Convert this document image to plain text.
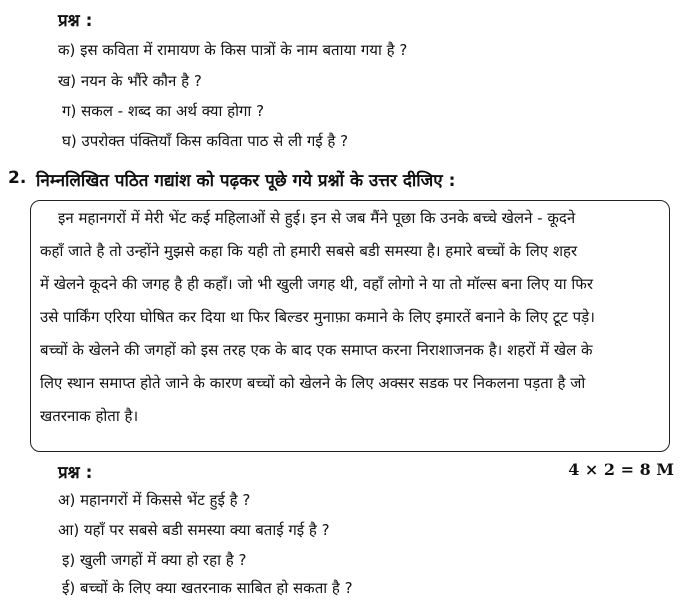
प्रश्न :
क) इस कविता में रामायण के किस पात्रों के नाम बताया गया है ?
ख) नयन के भौंरे कौन है ?
ग) सकल - शब्द का अर्थ क्या होगा ?
घ) उपरोक्त पंक्तियाँ किस कविता पाठ से ली गई है ?
2. निम्नलिखित पठित गद्यांश को पढ़कर पूछे गये प्रश्नों के उत्तर दीजिए :
इन महानगरों में मेरी भेंट कई महिलाओं से हुई। इन से जब मैंने पूछा कि उनके बच्चे खेलने - कूदने
कहाँ जाते है तो उन्होंने मुझसे कहा कि यही तो हमारी सबसे बडी समस्या है। हमारे बच्चों के लिए शहर
में खेलने कूदने की जगह है ही कहाँ। जो भी खुली जगह थी, वहाँ लोगो ने या तो मॉल्स बना लिए या फिर
उसे पार्किंग एरिया घोषित कर दिया था फिर बिल्डर मुनाफ़ा कमाने के लिए इमारतें बनाने के लिए टूट पड़े।
बच्चों के खेलने की जगहों को इस तरह एक के बाद एक समाप्त करना निराशाजनक है। शहरों में खेल के
लिए स्थान समाप्त होते जाने के कारण बच्चों को खेलने के लिए अक्सर सडक पर निकलना पड़ता है जो
खतरनाक होता है।
प्रश्न :	4 × 2 = 8 M
अ) महानगरों में किससे भेंट हुई है ?
आ) यहाँ पर सबसे बडी समस्या क्या बताई गई है ?
इ) खुली जगहों में क्या हो रहा है ?
ई) बच्चों के लिए क्या खतरनाक साबित हो सकता है ?
